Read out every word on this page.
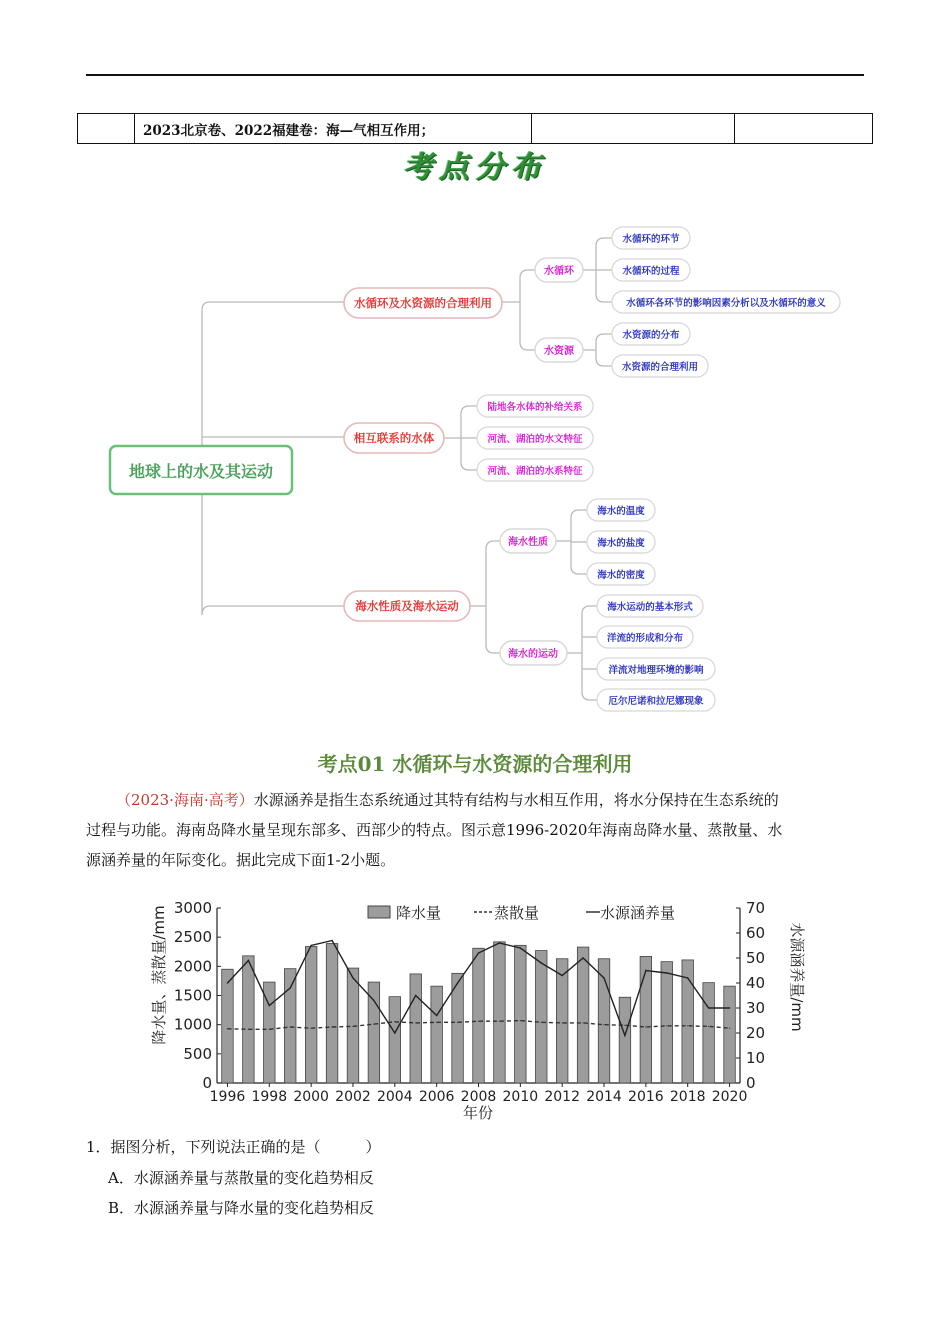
	2023北京卷、2022福建卷：海—气相互作用；		
考点分布
地球上的水及其运动
水循环及水资源的合理利用
相互联系的水体
海水性质及海水运动
水循环
水资源
海水性质
海水的运动
水循环的环节
水循环的过程
水循环各环节的影响因素分析以及水循环的意义
水资源的分布
水资源的合理利用
陆地各水体的补给关系
河流、湖泊的水文特征
河流、湖泊的水系特征
海水的温度
海水的盐度
海水的密度
海水运动的基本形式
洋流的形成和分布
洋流对地理环境的影响
厄尔尼诺和拉尼娜现象
考点01 水循环与水资源的合理利用
（2023·海南·高考）水源涵养是指生态系统通过其特有结构与水相互作用，将水分保持在生态系统的
过程与功能。海南岛降水量呈现东部多、西部少的特点。图示意1996-2020年海南岛降水量、蒸散量、水
源涵养量的年际变化。据此完成下面1-2小题。
0
500
1000
1500
2000
2500
3000
0
10
20
30
40
50
60
70
1996 1998 2000 2002 2004 2006 2008 2010 2012 2014 2016 2018 2020
降水量、蒸散量/mm	水源涵养量/mm
年份
降水量	蒸散量	水源涵养量
1．据图分析，下列说法正确的是（　　　）
A．水源涵养量与蒸散量的变化趋势相反
B．水源涵养量与降水量的变化趋势相反
